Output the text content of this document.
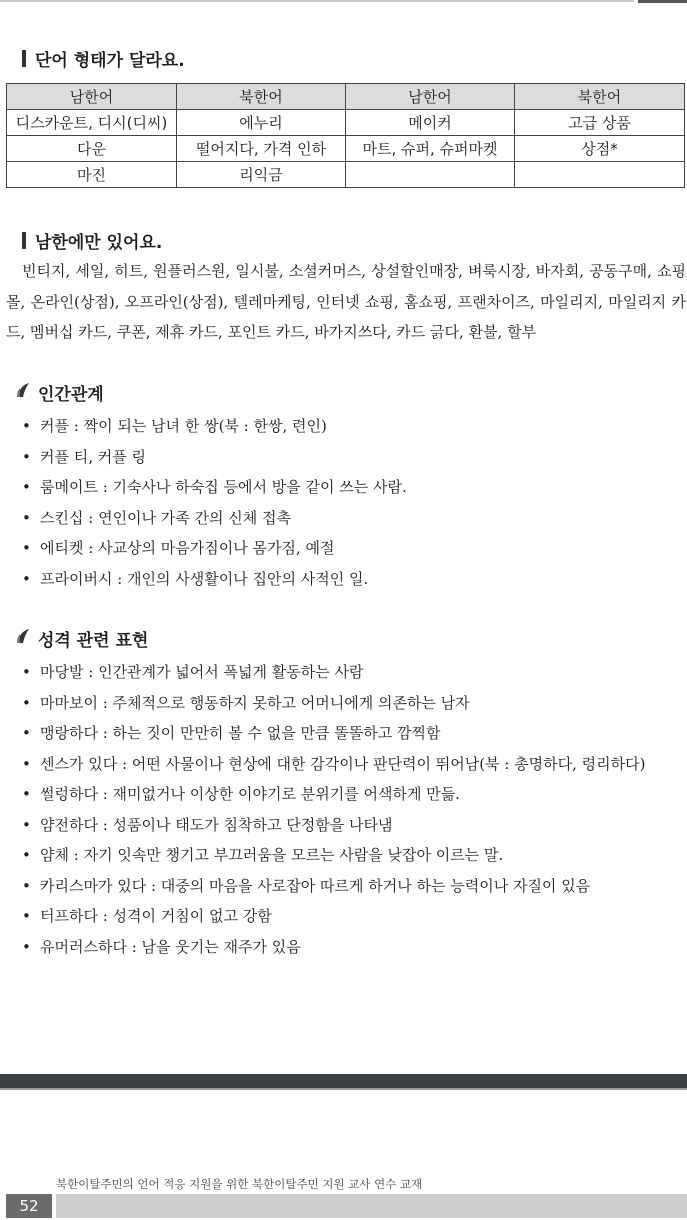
단어 형태가 달라요.
남한어	북한어	남한어	북한어
디스카운트, 디시(디씨)	에누리	메이커	고급 상품
다운	떨어지다, 가격 인하	마트, 슈퍼, 슈퍼마켓	상점*
마진	리익금		
남한에만 있어요.
빈티지, 세일, 히트, 원플러스원, 일시불, 소셜커머스, 상설할인매장, 벼룩시장, 바자회, 공동구매, 쇼핑몰, 온라인(상점), 오프라인(상점), 텔레마케팅, 인터넷 쇼핑, 홈쇼핑, 프랜차이즈, 마일리지, 마일리지 카드, 멤버십 카드, 쿠폰, 제휴 카드, 포인트 카드, 바가지쓰다, 카드 긁다, 환불, 할부
인간관계
• 커플 : 짝이 되는 남녀 한 쌍(북 : 한쌍, 련인)
• 커플 티, 커플 링
• 룸메이트 : 기숙사나 하숙집 등에서 방을 같이 쓰는 사람.
• 스킨십 : 연인이나 가족 간의 신체 접촉
• 에티켓 : 사교상의 마음가짐이나 몸가짐, 예절
• 프라이버시 : 개인의 사생활이나 집안의 사적인 일.
성격 관련 표현
• 마당발 : 인간관계가 넓어서 폭넓게 활동하는 사람
• 마마보이 : 주체적으로 행동하지 못하고 어머니에게 의존하는 남자
• 맹랑하다 : 하는 짓이 만만히 볼 수 없을 만큼 똘똘하고 깜찍함
• 센스가 있다 : 어떤 사물이나 현상에 대한 감각이나 판단력이 뛰어남(북 : 총명하다, 령리하다)
• 썰렁하다 : 재미없거나 이상한 이야기로 분위기를 어색하게 만듦.
• 얌전하다 : 성품이나 태도가 침착하고 단정함을 나타냄
• 얌체 : 자기 잇속만 챙기고 부끄러움을 모르는 사람을 낮잡아 이르는 말.
• 카리스마가 있다 : 대중의 마음을 사로잡아 따르게 하거나 하는 능력이나 자질이 있음
• 터프하다 : 성격이 거침이 없고 강함
• 유머러스하다 : 남을 웃기는 재주가 있음
북한이탈주민의 언어 적응 지원을 위한 북한이탈주민 지원 교사 연수 교재
52
